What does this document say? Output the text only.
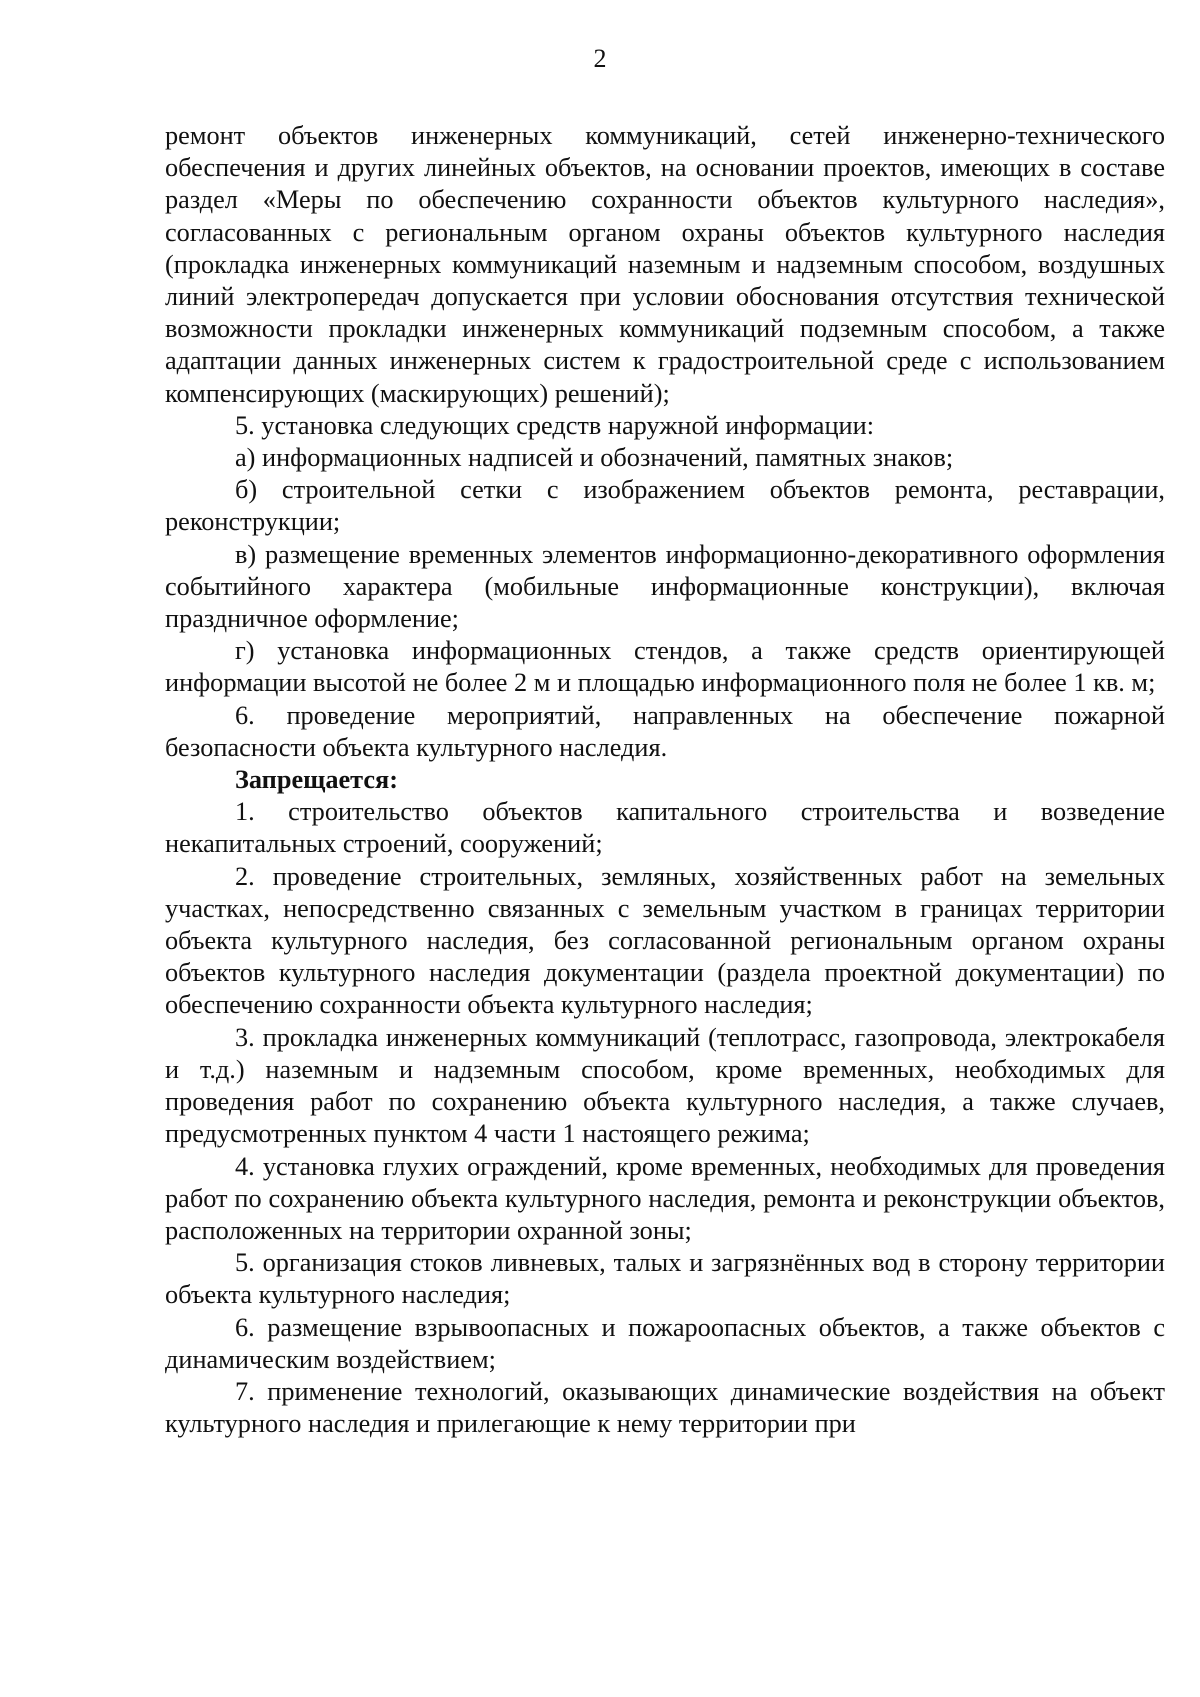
2

ремонт объектов инженерных коммуникаций, сетей инженерно-технического обеспечения и других линейных объектов, на основании проектов, имеющих в составе раздел «Меры по обеспечению сохранности объектов культурного наследия», согласованных с региональным органом охраны объектов культурного наследия (прокладка инженерных коммуникаций наземным и надземным способом, воздушных линий электропередач допускается при условии обоснования отсутствия технической возможности прокладки инженерных коммуникаций подземным способом, а также адаптации данных инженерных систем к градостроительной среде с использованием компенсирующих (маскирующих) решений);

5. установка следующих средств наружной информации:

а) информационных надписей и обозначений, памятных знаков;

б) строительной сетки с изображением объектов ремонта, реставрации, реконструкции;

в) размещение временных элементов информационно-декоративного оформления событийного характера (мобильные информационные конструкции), включая праздничное оформление;

г) установка информационных стендов, а также средств ориентирующей информации высотой не более 2 м и площадью информационного поля не более 1 кв. м;

6. проведение мероприятий, направленных на обеспечение пожарной безопасности объекта культурного наследия.

Запрещается:

1. строительство объектов капитального строительства и возведение некапитальных строений, сооружений;

2. проведение строительных, земляных, хозяйственных работ на земельных участках, непосредственно связанных с земельным участком в границах территории объекта культурного наследия, без согласованной региональным органом охраны объектов культурного наследия документации (раздела проектной документации) по обеспечению сохранности объекта культурного наследия;

3. прокладка инженерных коммуникаций (теплотрасс, газопровода, электрокабеля и т.д.) наземным и надземным способом, кроме временных, необходимых для проведения работ по сохранению объекта культурного наследия, а также случаев, предусмотренных пунктом 4 части 1 настоящего режима;

4. установка глухих ограждений, кроме временных, необходимых для проведения работ по сохранению объекта культурного наследия, ремонта и реконструкции объектов, расположенных на территории охранной зоны;

5. организация стоков ливневых, талых и загрязнённых вод в сторону территории объекта культурного наследия;

6. размещение взрывоопасных и пожароопасных объектов, а также объектов с динамическим воздействием;

7. применение технологий, оказывающих динамические воздействия на объект культурного наследия и прилегающие к нему территории при
